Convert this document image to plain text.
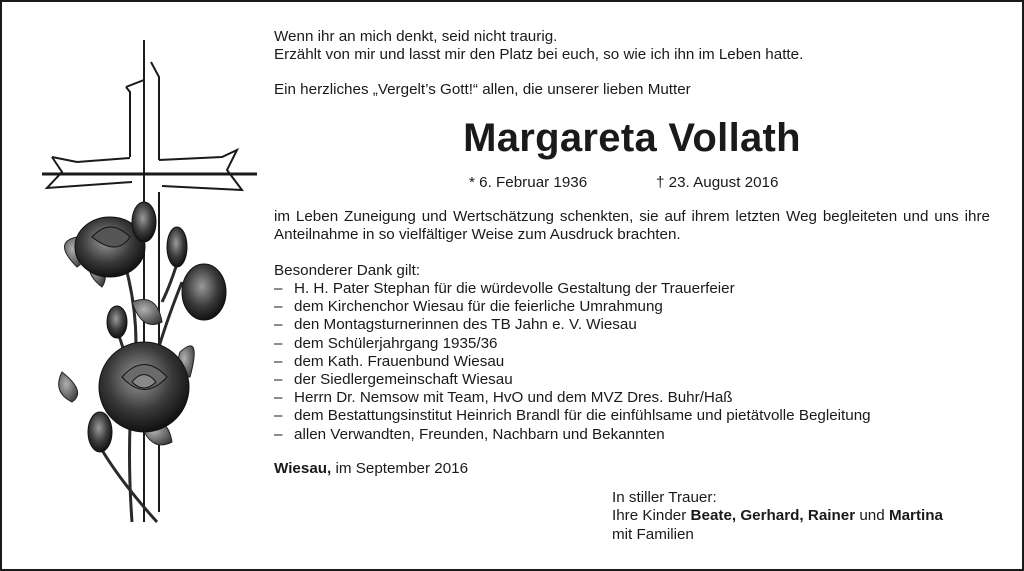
Wenn ihr an mich denkt, seid nicht traurig.
Erzählt von mir und lasst mir den Platz bei euch, so wie ich ihn im Leben hatte.
Ein herzliches „Vergelt’s Gott!“ allen, die unserer lieben Mutter
Margareta Vollath
* 6. Februar 1936	† 23. August 2016
im Leben Zuneigung und Wertschätzung schenkten, sie auf ihrem letzten Weg begleiteten und uns ihre Anteilnahme in so vielfältiger Weise zum Ausdruck brachten.
Besonderer Dank gilt:
– H. H. Pater Stephan für die würdevolle Gestaltung der Trauerfeier
– dem Kirchenchor Wiesau für die feierliche Umrahmung
– den Montagsturnerinnen des TB Jahn e. V. Wiesau
– dem Schülerjahrgang 1935/36
– dem Kath. Frauenbund Wiesau
– der Siedlergemeinschaft Wiesau
– Herrn Dr. Nemsow mit Team, HvO und dem MVZ Dres. Buhr/Haß
– dem Bestattungsinstitut Heinrich Brandl für die einfühlsame und pietätvolle Begleitung
– allen Verwandten, Freunden, Nachbarn und Bekannten
Wiesau, im September 2016
In stiller Trauer:
Ihre Kinder Beate, Gerhard, Rainer und Martina
mit Familien
